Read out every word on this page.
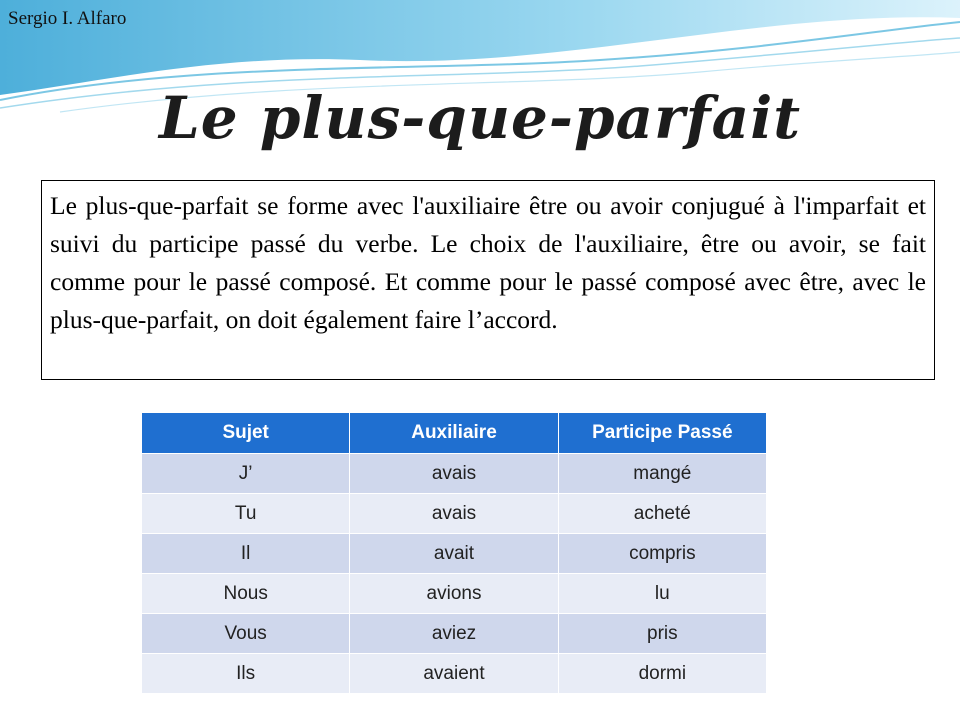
Sergio I. Alfaro
Le plus-que-parfait
Le plus-que-parfait se forme avec l'auxiliaire être ou avoir conjugué à l'imparfait et suivi du participe passé du verbe. Le choix de l'auxiliaire, être ou avoir, se fait comme pour le passé composé. Et comme pour le passé composé avec être, avec le plus-que-parfait, on doit également faire l’accord.
Sujet	Auxiliaire	Participe Passé
J’	avais	mangé
Tu	avais	acheté
Il	avait	compris
Nous	avions	lu
Vous	aviez	pris
Ils	avaient	dormi
